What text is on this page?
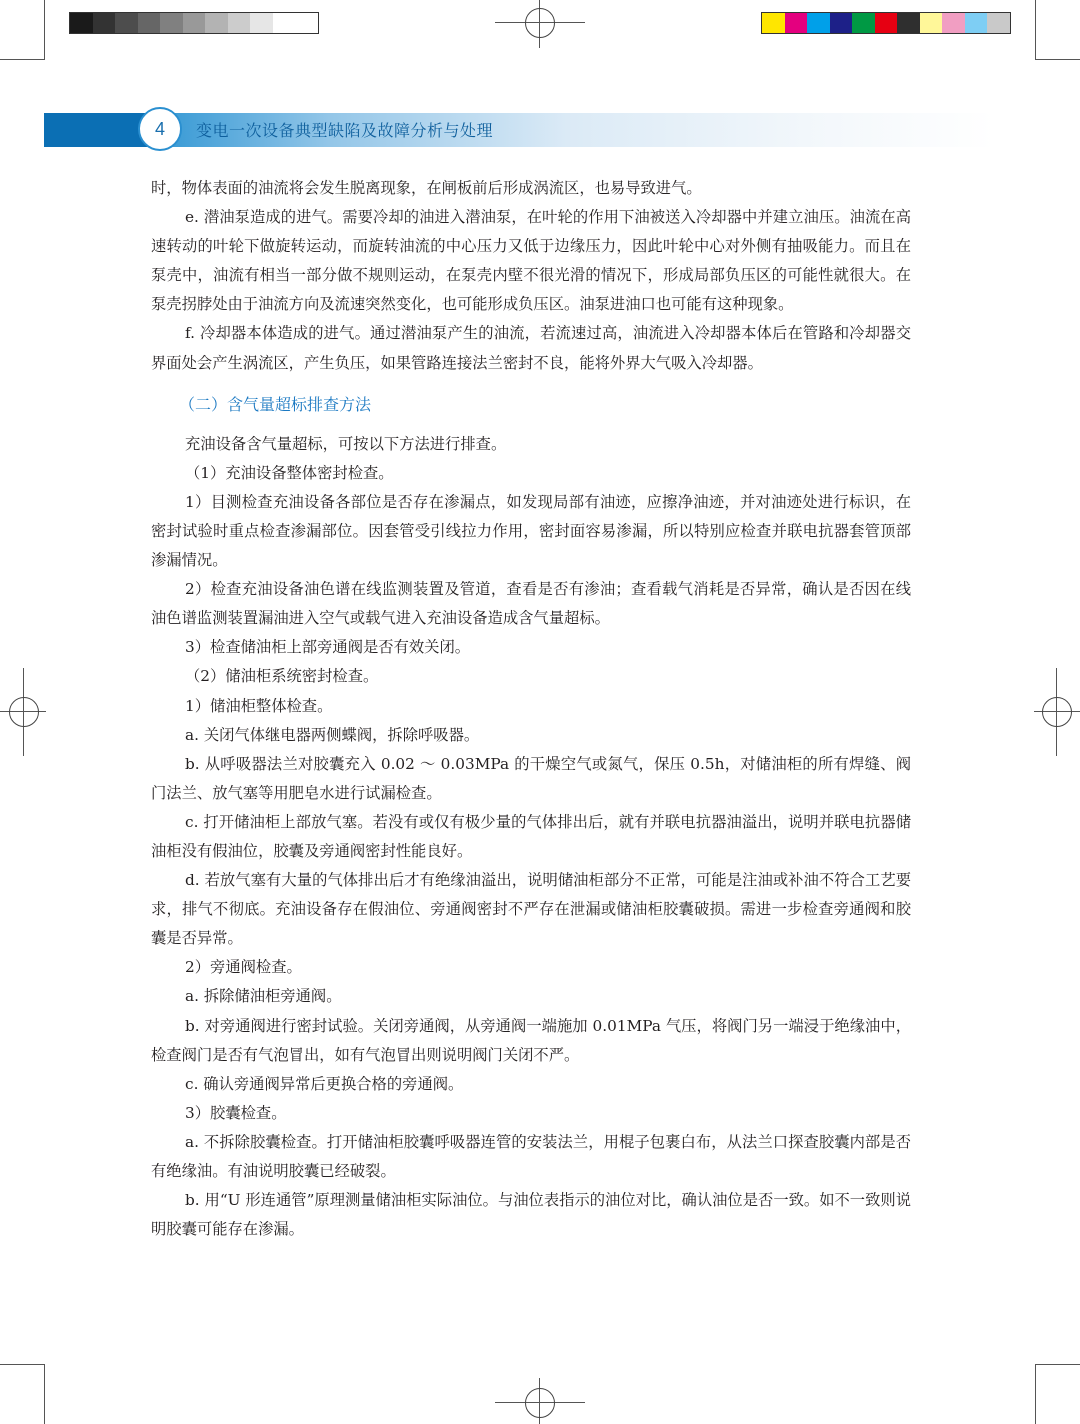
4	变电一次设备典型缺陷及故障分析与处理

时，物体表面的油流将会发生脱离现象，在闸板前后形成涡流区，也易导致进气。

e. 潜油泵造成的进气。需要冷却的油进入潜油泵，在叶轮的作用下油被送入冷却器中并建立油压。油流在高速转动的叶轮下做旋转运动，而旋转油流的中心压力又低于边缘压力，因此叶轮中心对外侧有抽吸能力。而且在泵壳中，油流有相当一部分做不规则运动，在泵壳内壁不很光滑的情况下，形成局部负压区的可能性就很大。在泵壳拐脖处由于油流方向及流速突然变化，也可能形成负压区。油泵进油口也可能有这种现象。

f. 冷却器本体造成的进气。通过潜油泵产生的油流，若流速过高，油流进入冷却器本体后在管路和冷却器交界面处会产生涡流区，产生负压，如果管路连接法兰密封不良，能将外界大气吸入冷却器。

（二）含气量超标排查方法

充油设备含气量超标，可按以下方法进行排查。

（1）充油设备整体密封检查。

1）目测检查充油设备各部位是否存在渗漏点，如发现局部有油迹，应擦净油迹，并对油迹处进行标识，在密封试验时重点检查渗漏部位。因套管受引线拉力作用，密封面容易渗漏，所以特别应检查并联电抗器套管顶部渗漏情况。

2）检查充油设备油色谱在线监测装置及管道，查看是否有渗油；查看载气消耗是否异常，确认是否因在线油色谱监测装置漏油进入空气或载气进入充油设备造成含气量超标。

3）检查储油柜上部旁通阀是否有效关闭。

（2）储油柜系统密封检查。

1）储油柜整体检查。

a. 关闭气体继电器两侧蝶阀，拆除呼吸器。

b. 从呼吸器法兰对胶囊充入 0.02 ～ 0.03MPa 的干燥空气或氮气，保压 0.5h，对储油柜的所有焊缝、阀门法兰、放气塞等用肥皂水进行试漏检查。

c. 打开储油柜上部放气塞。若没有或仅有极少量的气体排出后，就有并联电抗器油溢出，说明并联电抗器储油柜没有假油位，胶囊及旁通阀密封性能良好。

d. 若放气塞有大量的气体排出后才有绝缘油溢出，说明储油柜部分不正常，可能是注油或补油不符合工艺要求，排气不彻底。充油设备存在假油位、旁通阀密封不严存在泄漏或储油柜胶囊破损。需进一步检查旁通阀和胶囊是否异常。

2）旁通阀检查。

a. 拆除储油柜旁通阀。

b. 对旁通阀进行密封试验。关闭旁通阀，从旁通阀一端施加 0.01MPa 气压，将阀门另一端浸于绝缘油中，检查阀门是否有气泡冒出，如有气泡冒出则说明阀门关闭不严。

c. 确认旁通阀异常后更换合格的旁通阀。

3）胶囊检查。

a. 不拆除胶囊检查。打开储油柜胶囊呼吸器连管的安装法兰，用棍子包裹白布，从法兰口探查胶囊内部是否有绝缘油。有油说明胶囊已经破裂。

b. 用“U 形连通管”原理测量储油柜实际油位。与油位表指示的油位对比，确认油位是否一致。如不一致则说明胶囊可能存在渗漏。
